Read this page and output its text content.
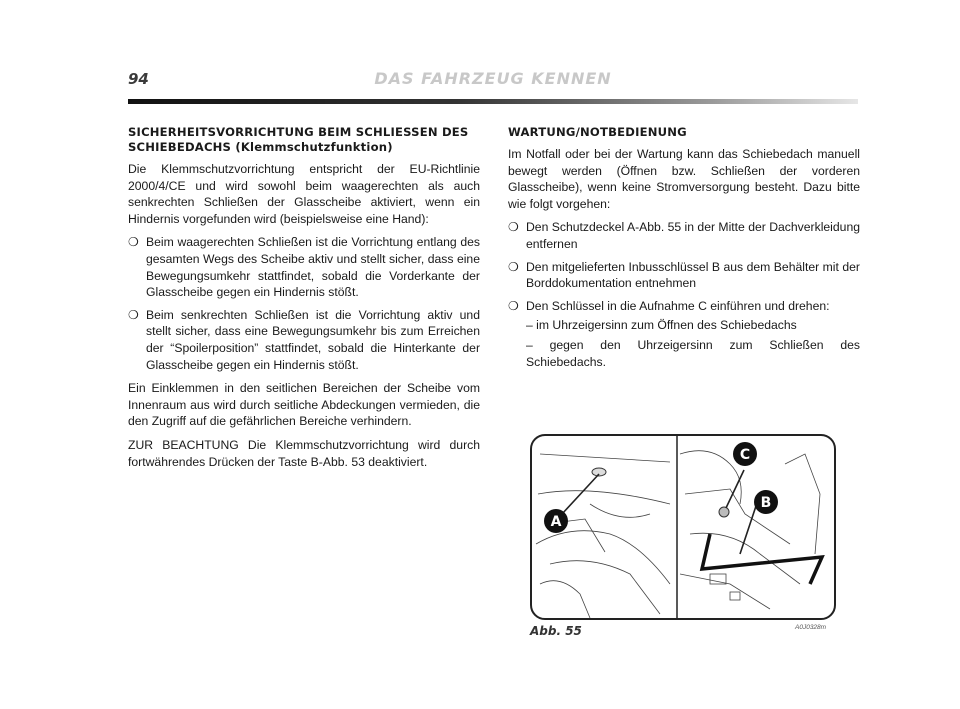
94	DAS FAHRZEUG KENNEN
SICHERHEITSVORRICHTUNG BEIM SCHLIESSEN DES SCHIEBEDACHS (Klemmschutzfunktion)

Die Klemmschutzvorrichtung entspricht der EU-Richtlinie 2000/4/CE und wird sowohl beim waagerechten als auch senkrechten Schließen der Glasscheibe aktiviert, wenn ein Hindernis vorgefunden wird (beispielsweise eine Hand):

❍ Beim waagerechten Schließen ist die Vorrichtung entlang des gesamten Wegs des Scheibe aktiv und stellt sicher, dass eine Bewegungsumkehr stattfindet, sobald die Vorderkante der Glasscheibe gegen ein Hindernis stößt.
❍ Beim senkrechten Schließen ist die Vorrichtung aktiv und stellt sicher, dass eine Bewegungsumkehr bis zum Erreichen der “Spoilerposition” stattfindet, sobald die Hinterkante der Glasscheibe gegen ein Hindernis stößt.

Ein Einklemmen in den seitlichen Bereichen der Scheibe vom Innenraum aus wird durch seitliche Abdeckungen vermieden, die den Zugriff auf die gefährlichen Bereiche verhindern.

ZUR BEACHTUNG Die Klemmschutzvorrichtung wird durch fortwährendes Drücken der Taste B-Abb. 53 deaktiviert.

WARTUNG/NOTBEDIENUNG

Im Notfall oder bei der Wartung kann das Schiebedach manuell bewegt werden (Öffnen bzw. Schließen der vorderen Glasscheibe), wenn keine Stromversorgung besteht. Dazu bitte wie folgt vorgehen:

❍ Den Schutzdeckel A-Abb. 55 in der Mitte der Dachverkleidung entfernen
❍ Den mitgelieferten Inbusschlüssel B aus dem Behälter mit der Borddokumentation entnehmen
❍ Den Schlüssel in die Aufnahme C einführen und drehen:
– im Uhrzeigersinn zum Öffnen des Schiebedachs
– gegen den Uhrzeigersinn zum Schließen des Schiebedachs.
A
C
B
Abb. 55	A0J0328m
